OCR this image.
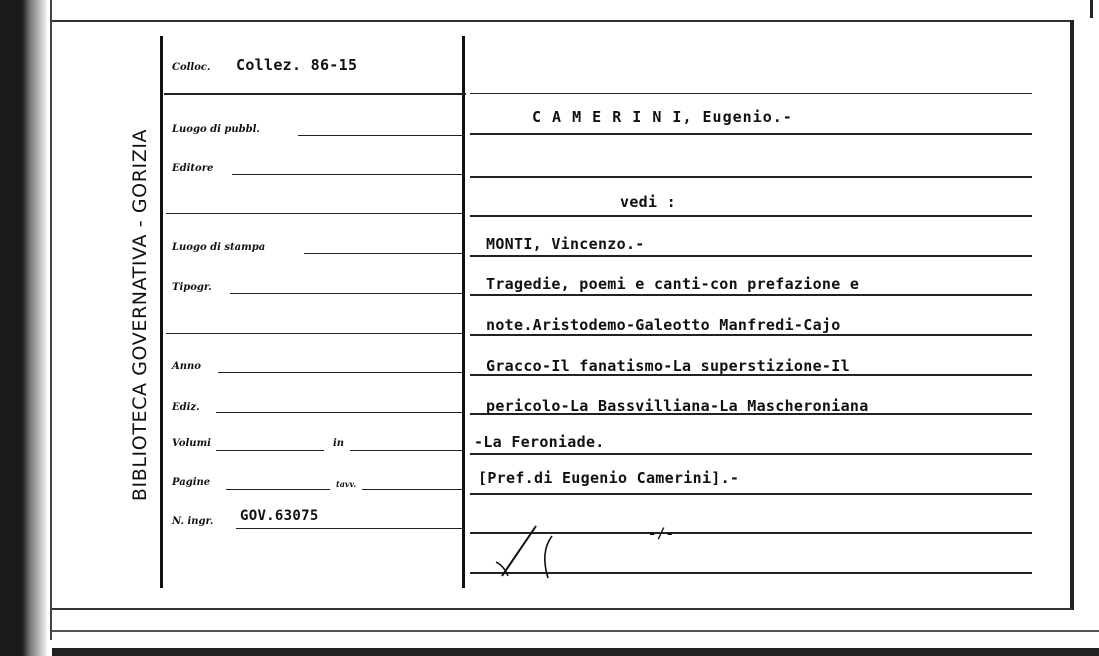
BIBLIOTECA GOVERNATIVA - GORIZIA
Colloc. Collez. 86-15
Luogo di pubbl.
Editore
Luogo di stampa
Tipogr.
Anno
Ediz.
Volumi	in
Pagine	tavv.
N. ingr. GOV.63075
C A M E R I N I, Eugenio.-
vedi :
MONTI, Vincenzo.-
Tragedie, poemi e canti-con prefazione e
note.Aristodemo-Galeotto Manfredi-Cajo
Gracco-Il fanatismo-La superstizione-Il
pericolo-La Bassvilliana-La Mascheroniana
-La Feroniade.
[Pref.di Eugenio Camerini].-
-/-
